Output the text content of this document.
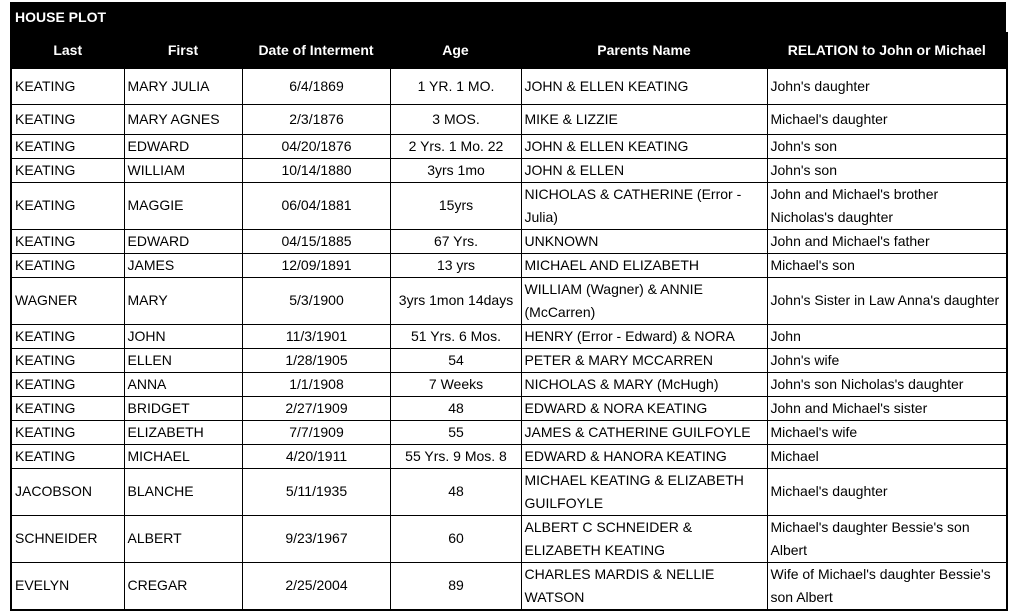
HOUSE PLOT
Last	First	Date of Interment	Age	Parents Name	RELATION to John or Michael
KEATING	MARY JULIA	6/4/1869	1 YR. 1 MO.	JOHN & ELLEN KEATING	John's daughter
KEATING	MARY AGNES	2/3/1876	3 MOS.	MIKE & LIZZIE	Michael's daughter
KEATING	EDWARD	04/20/1876	2 Yrs. 1 Mo. 22	JOHN & ELLEN KEATING	John's son
KEATING	WILLIAM	10/14/1880	3yrs 1mo	JOHN & ELLEN	John's son
KEATING	MAGGIE	06/04/1881	15yrs	NICHOLAS & CATHERINE (Error - Julia)	John and Michael's brother Nicholas's daughter
KEATING	EDWARD	04/15/1885	67 Yrs.	UNKNOWN	John and Michael's father
KEATING	JAMES	12/09/1891	13 yrs	MICHAEL AND ELIZABETH	Michael's son
WAGNER	MARY	5/3/1900	3yrs 1mon 14days	WILLIAM (Wagner) & ANNIE (McCarren)	John's Sister in Law Anna's daughter
KEATING	JOHN	11/3/1901	51 Yrs. 6 Mos.	HENRY (Error - Edward) & NORA	John
KEATING	ELLEN	1/28/1905	54	PETER & MARY MCCARREN	John's wife
KEATING	ANNA	1/1/1908	7 Weeks	NICHOLAS & MARY (McHugh)	John's son Nicholas's daughter
KEATING	BRIDGET	2/27/1909	48	EDWARD & NORA KEATING	John and Michael's sister
KEATING	ELIZABETH	7/7/1909	55	JAMES & CATHERINE GUILFOYLE	Michael's wife
KEATING	MICHAEL	4/20/1911	55 Yrs. 9 Mos. 8	EDWARD & HANORA KEATING	Michael
JACOBSON	BLANCHE	5/11/1935	48	MICHAEL KEATING & ELIZABETH GUILFOYLE	Michael's daughter
SCHNEIDER	ALBERT	9/23/1967	60	ALBERT C SCHNEIDER & ELIZABETH KEATING	Michael's daughter Bessie's son Albert
EVELYN	CREGAR	2/25/2004	89	CHARLES MARDIS & NELLIE WATSON	Wife of Michael's daughter Bessie's son Albert
